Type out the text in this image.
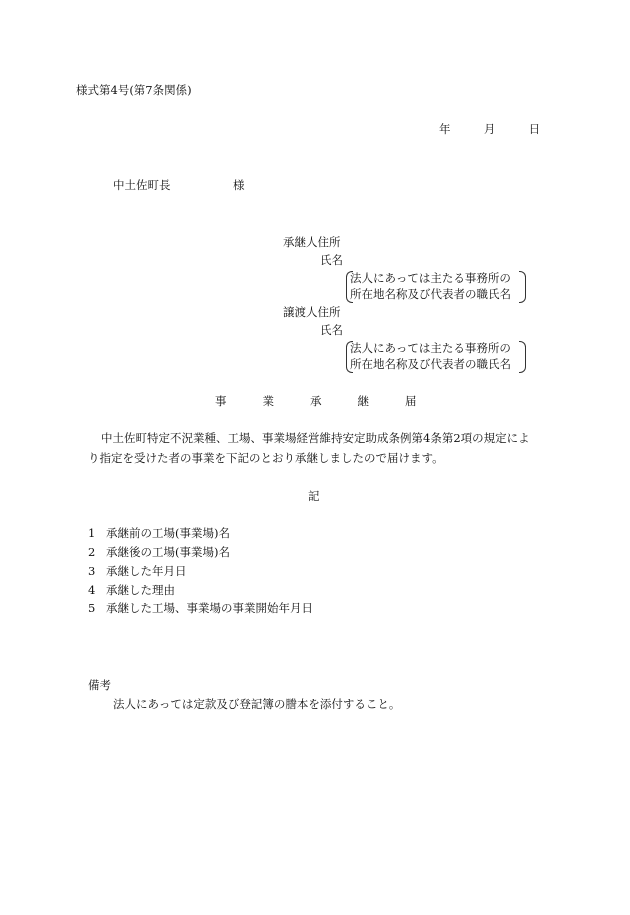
様式第4号(第7条関係)
年	月	日
中土佐町長	様
承継人住所
氏名
法人にあっては主たる事務所の
所在地名称及び代表者の職氏名
譲渡人住所
氏名
法人にあっては主たる事務所の
所在地名称及び代表者の職氏名
事	業	承	継	届
中土佐町特定不況業種、工場、事業場経営維持安定助成条例第4条第2項の規定によ
り指定を受けた者の事業を下記のとおり承継しましたので届けます。
記
1 承継前の工場(事業場)名
2 承継後の工場(事業場)名
3 承継した年月日
4 承継した理由
5 承継した工場、事業場の事業開始年月日
備考
法人にあっては定款及び登記簿の謄本を添付すること。
